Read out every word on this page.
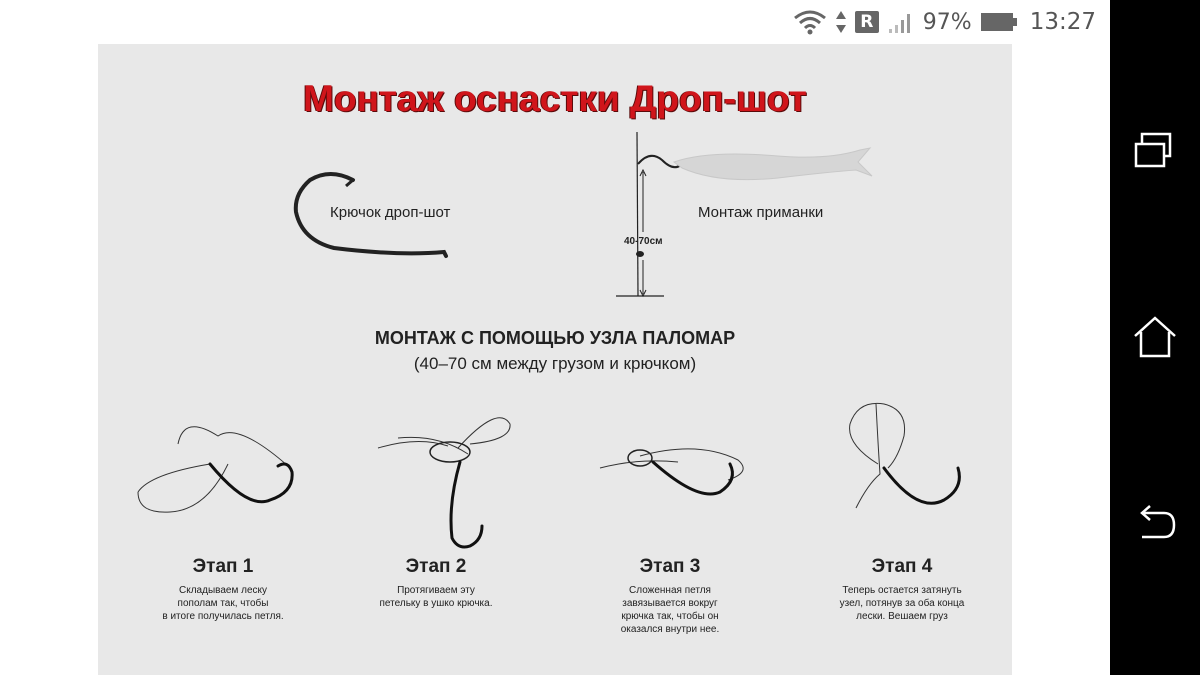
R 97%	13:27
Монтаж оснастки Дроп-шот
Крючок дроп-шот	Монтаж приманки
40-70см
МОНТАЖ С ПОМОЩЬЮ УЗЛА ПАЛОМАР
(40–70 см между грузом и крючком)
Этап 1
Складываем леску
пополам так, чтобы
в итоге получилась петля.
Этап 2
Протягиваем эту
петельку в ушко крючка.
Этап 3
Сложенная петля
завязывается вокруг
крючка так, чтобы он
оказался внутри нее.
Этап 4
Теперь остается затянуть
узел, потянув за оба конца
лески. Вешаем груз
